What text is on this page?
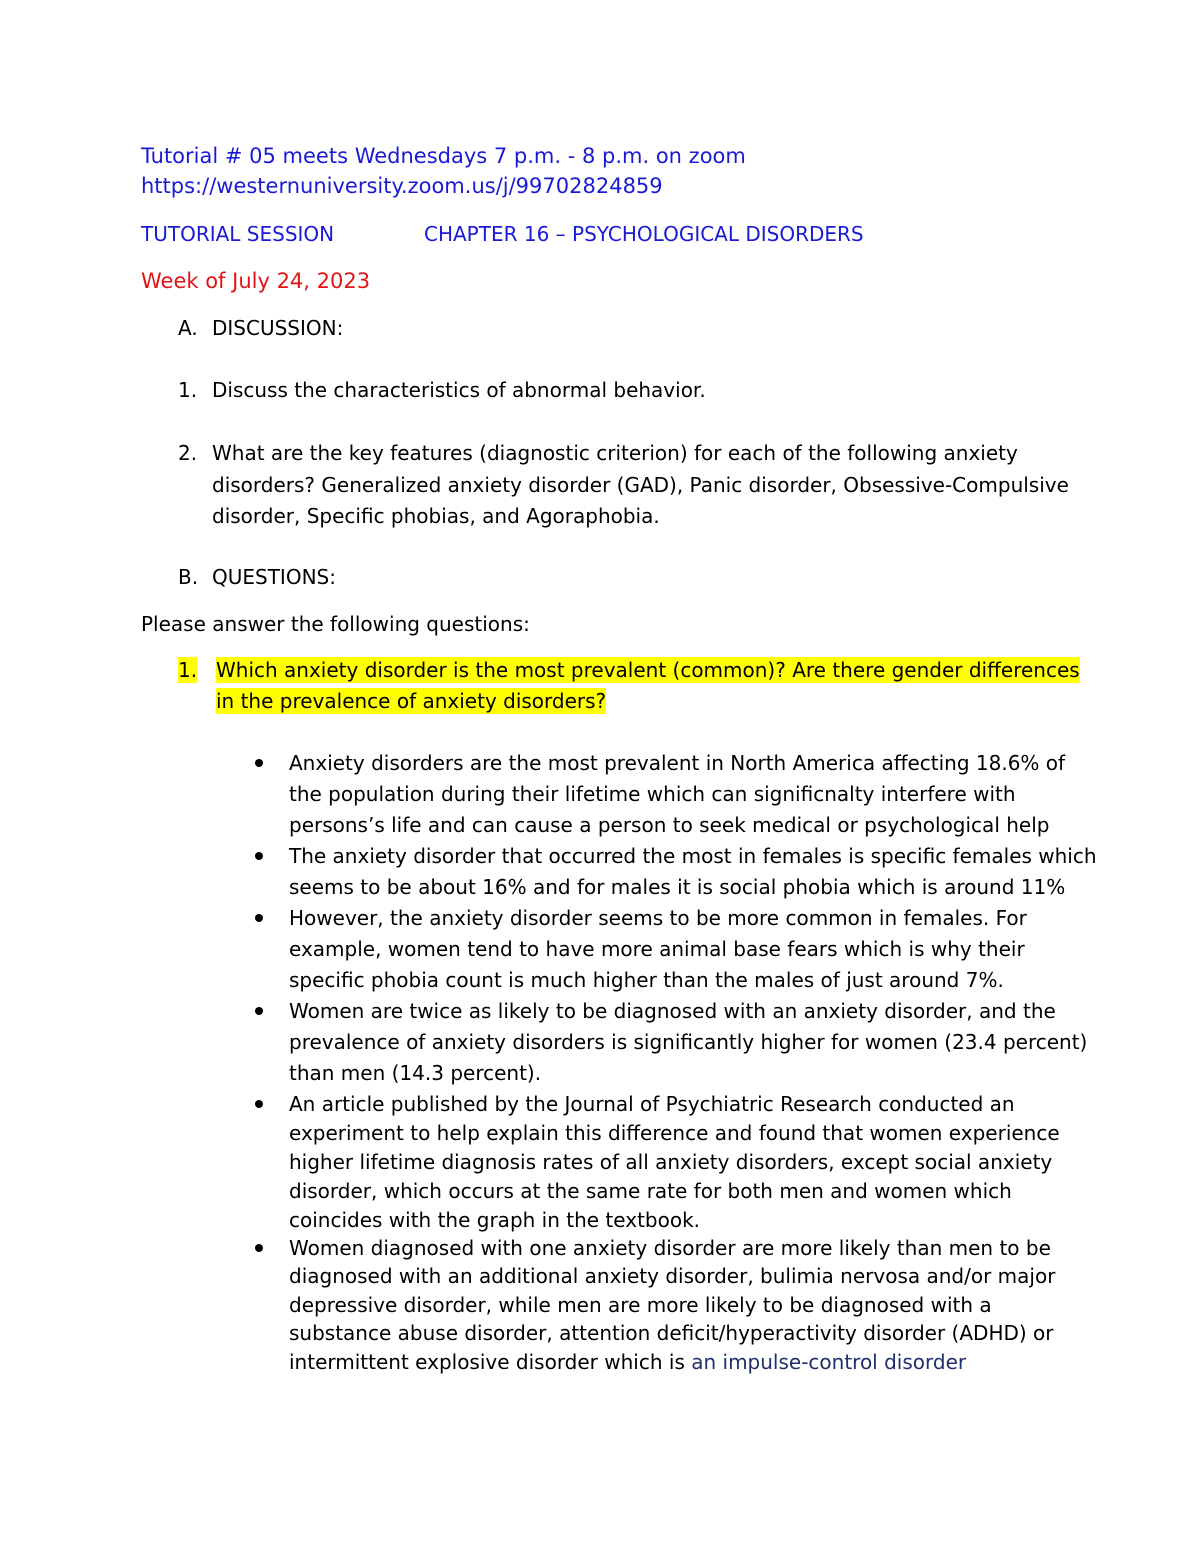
Tutorial # 05 meets Wednesdays 7 p.m. - 8 p.m. on zoom
https://westernuniversity.zoom.us/j/99702824859
TUTORIAL SESSION	CHAPTER 16 – PSYCHOLOGICAL DISORDERS
Week of July 24, 2023
A. DISCUSSION:
1. Discuss the characteristics of abnormal behavior.
2. What are the key features (diagnostic criterion) for each of the following anxiety
disorders? Generalized anxiety disorder (GAD), Panic disorder, Obsessive-Compulsive
disorder, Specific phobias, and Agoraphobia.
B. QUESTIONS:
Please answer the following questions:
1. Which anxiety disorder is the most prevalent (common)? Are there gender differences
in the prevalence of anxiety disorders?
Anxiety disorders are the most prevalent in North America affecting 18.6% of
the population during their lifetime which can significnalty interfere with
persons’s life and can cause a person to seek medical or psychological help
The anxiety disorder that occurred the most in females is specific females which
seems to be about 16% and for males it is social phobia which is around 11%
However, the anxiety disorder seems to be more common in females. For
example, women tend to have more animal base fears which is why their
specific phobia count is much higher than the males of just around 7%.
Women are twice as likely to be diagnosed with an anxiety disorder, and the
prevalence of anxiety disorders is significantly higher for women (23.4 percent)
than men (14.3 percent).
An article published by the Journal of Psychiatric Research conducted an
experiment to help explain this difference and found that women experience
higher lifetime diagnosis rates of all anxiety disorders, except social anxiety
disorder, which occurs at the same rate for both men and women which
coincides with the graph in the textbook.
Women diagnosed with one anxiety disorder are more likely than men to be
diagnosed with an additional anxiety disorder, bulimia nervosa and/or major
depressive disorder, while men are more likely to be diagnosed with a
substance abuse disorder, attention deficit/hyperactivity disorder (ADHD) or
intermittent explosive disorder which is an impulse-control disorder
